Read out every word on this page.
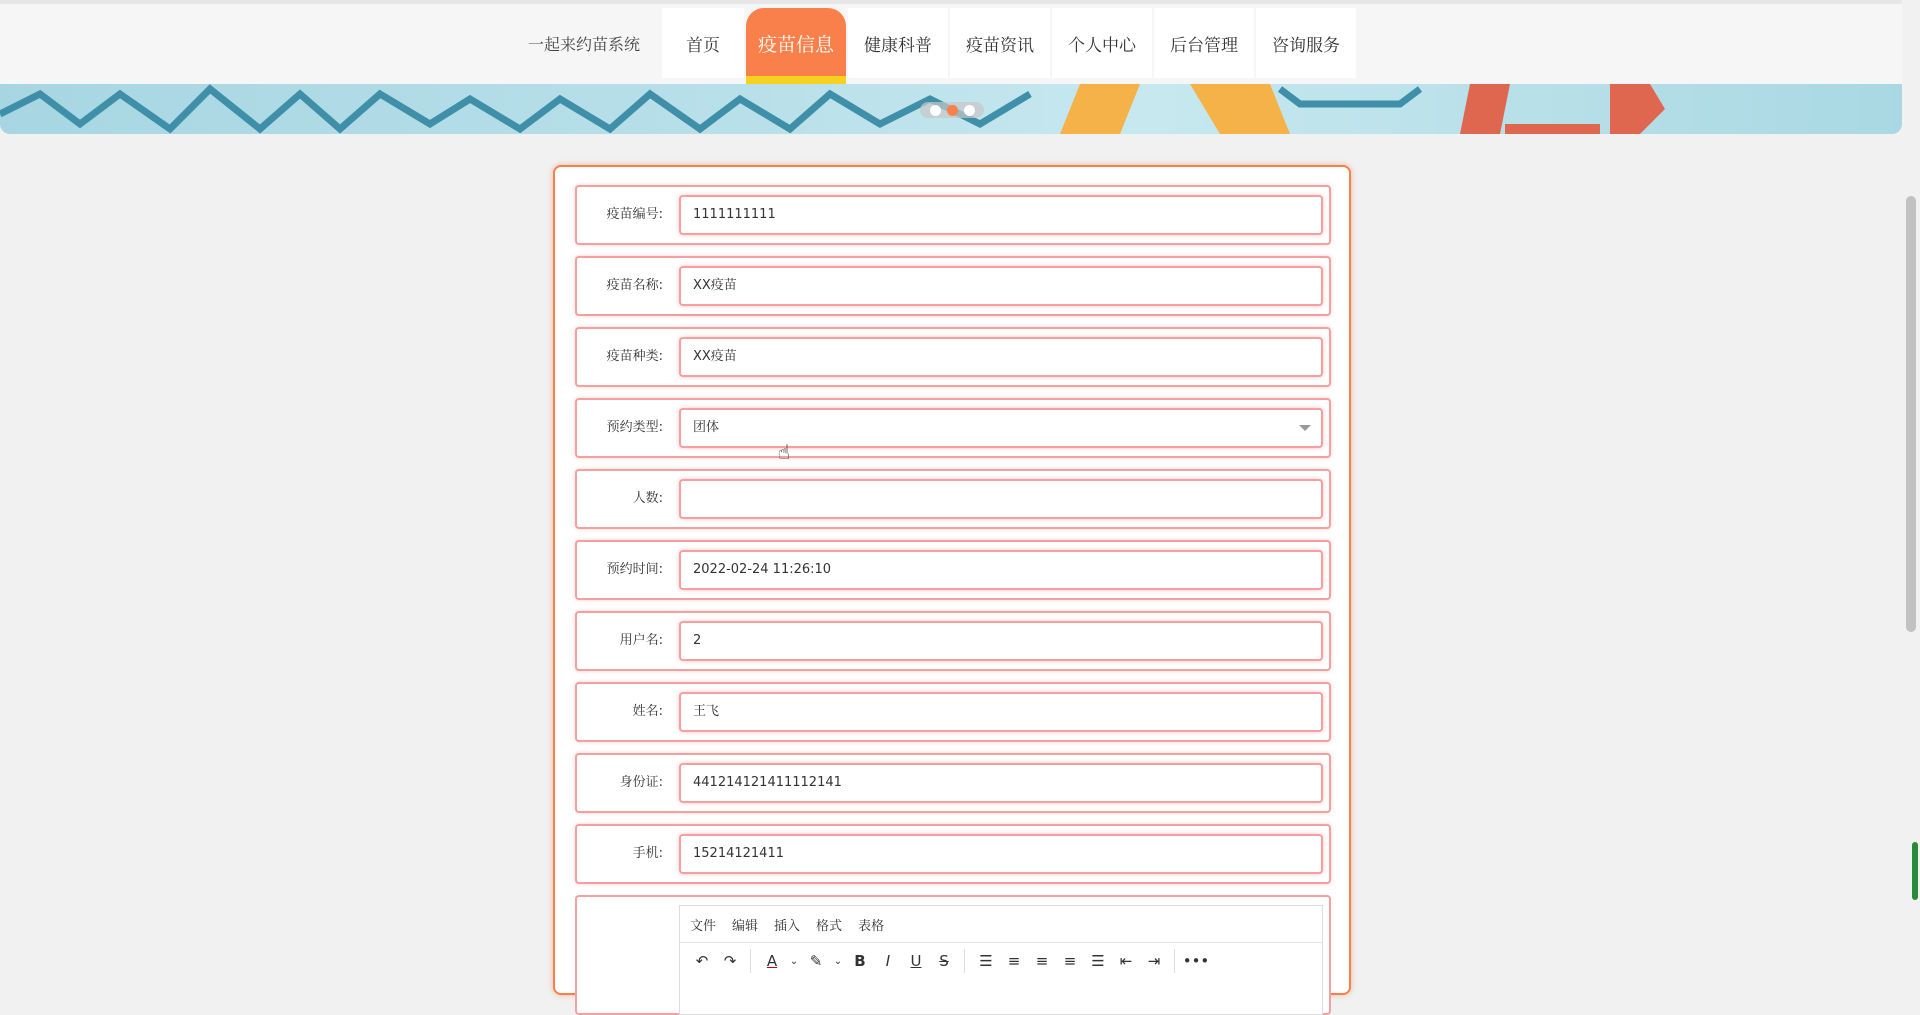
一起来约苗系统	首页	疫苗信息	健康科普	疫苗资讯	个人中心	后台管理	咨询服务
疫苗编号:	1111111111
疫苗名称:	XX疫苗
疫苗种类:	XX疫苗
预约类型:	团体
人数:
预约时间:	2022-02-24 11:26:10
用户名:	2
姓名:	王飞
身份证:	441214121411112141
手机:	15214121411
文件 编辑 插入 格式 表格
↶	↷	A	⌄ ✎	⌄ B	I	U	S	☰ ≡	≡	≡ ☰ ⇤	⇥	•••
☝
